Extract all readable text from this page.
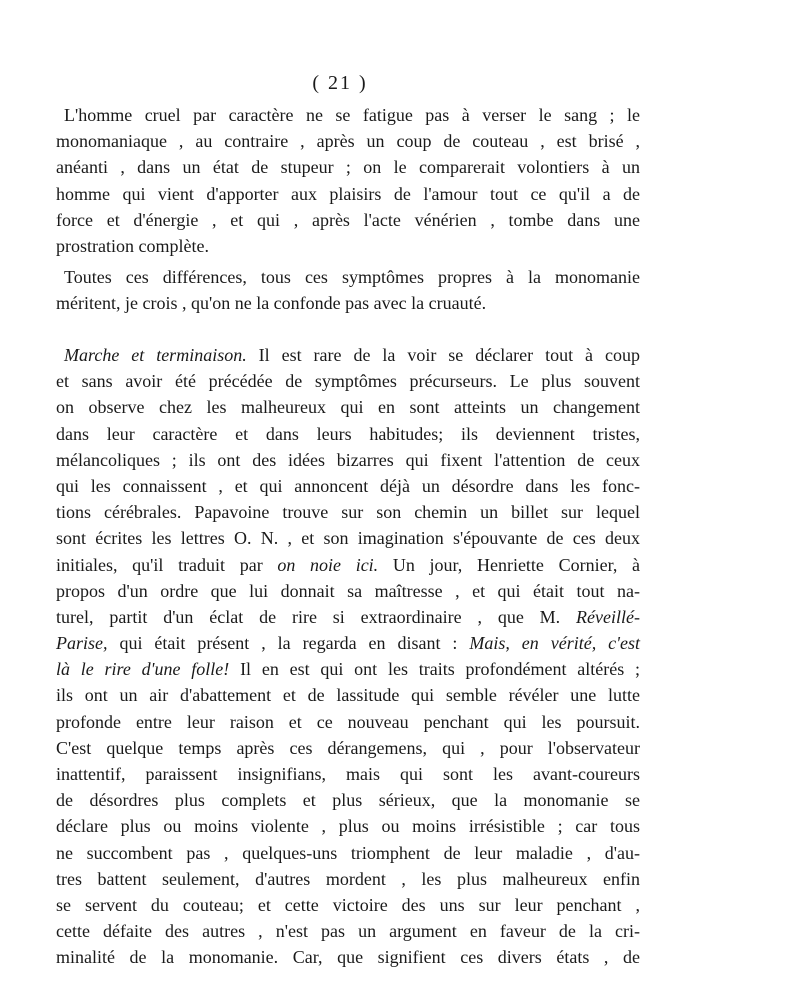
( 21 )
L'homme cruel par caractère ne se fatigue pas à verser le sang ; le
monomaniaque , au contraire , après un coup de couteau , est brisé ,
anéanti , dans un état de stupeur ; on le comparerait volontiers à un
homme qui vient d'apporter aux plaisirs de l'amour tout ce qu'il a de
force et d'énergie , et qui , après l'acte vénérien , tombe dans une
prostration complète.
Toutes ces différences, tous ces symptômes propres à la monomanie
méritent, je crois , qu'on ne la confonde pas avec la cruauté.
Marche et terminaison. Il est rare de la voir se déclarer tout à coup
et sans avoir été précédée de symptômes précurseurs. Le plus souvent
on observe chez les malheureux qui en sont atteints un changement
dans leur caractère et dans leurs habitudes; ils deviennent tristes,
mélancoliques ; ils ont des idées bizarres qui fixent l'attention de ceux
qui les connaissent , et qui annoncent déjà un désordre dans les fonc-
tions cérébrales. Papavoine trouve sur son chemin un billet sur lequel
sont écrites les lettres O. N. , et son imagination s'épouvante de ces deux
initiales, qu'il traduit par on noie ici. Un jour, Henriette Cornier, à
propos d'un ordre que lui donnait sa maîtresse , et qui était tout na-
turel, partit d'un éclat de rire si extraordinaire , que M. Réveillé-
Parise, qui était présent , la regarda en disant : Mais, en vérité, c'est
là le rire d'une folle! Il en est qui ont les traits profondément altérés ;
ils ont un air d'abattement et de lassitude qui semble révéler une lutte
profonde entre leur raison et ce nouveau penchant qui les poursuit.
C'est quelque temps après ces dérangemens, qui , pour l'observateur
inattentif, paraissent insignifians, mais qui sont les avant-coureurs
de désordres plus complets et plus sérieux, que la monomanie se
déclare plus ou moins violente , plus ou moins irrésistible ; car tous
ne succombent pas , quelques-uns triomphent de leur maladie , d'au-
tres battent seulement, d'autres mordent , les plus malheureux enfin
se servent du couteau; et cette victoire des uns sur leur penchant ,
cette défaite des autres , n'est pas un argument en faveur de la cri-
minalité de la monomanie. Car, que signifient ces divers états , de
